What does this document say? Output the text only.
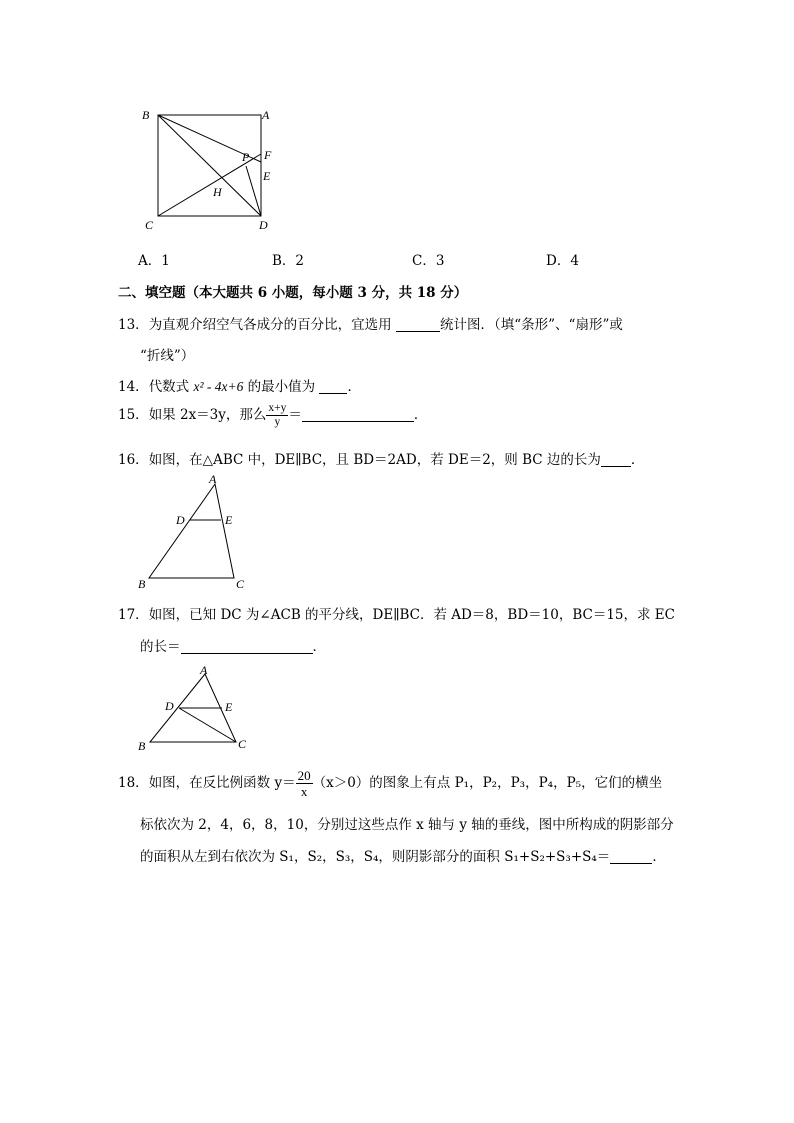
B	A
P F
E
H
C	D
A．1	B．2	C．3	D．4
二、填空题（本大题共 6 小题，每小题 3 分，共 18 分）
13．为直观介绍空气各成分的百分比，宜选用	统计图．（填“条形”、“扇形”或
“折线”）
14．代数式 x² - 4x+6 的最小值为 ．
15．如果 2x＝3y，那么 $\frac{x+y}{y}$ ＝	．
16．如图，在△ABC 中，DE∥BC，且 BD＝2AD，若 DE＝2，则 BC 边的长为 ．
A
D	E
B	C
17．如图，已知 DC 为∠ACB 的平分线，DE∥BC．若 AD＝8，BD＝10，BC＝15，求 EC
的长＝	．
A
D	E
B	C
18．如图，在反比例函数 $y= \frac{20}{x} (x>0)$的图象上有点 P₁，P₂，P₃，P₄，P₅，它们的横坐
标依次为 2，4，6，8，10，分别过这些点作 x 轴与 y 轴的垂线，图中所构成的阴影部分
的面积从左到右依次为 S₁，S₂，S₃，S₄，则阴影部分的面积 S₁+S₂+S₃+S₄＝	．
